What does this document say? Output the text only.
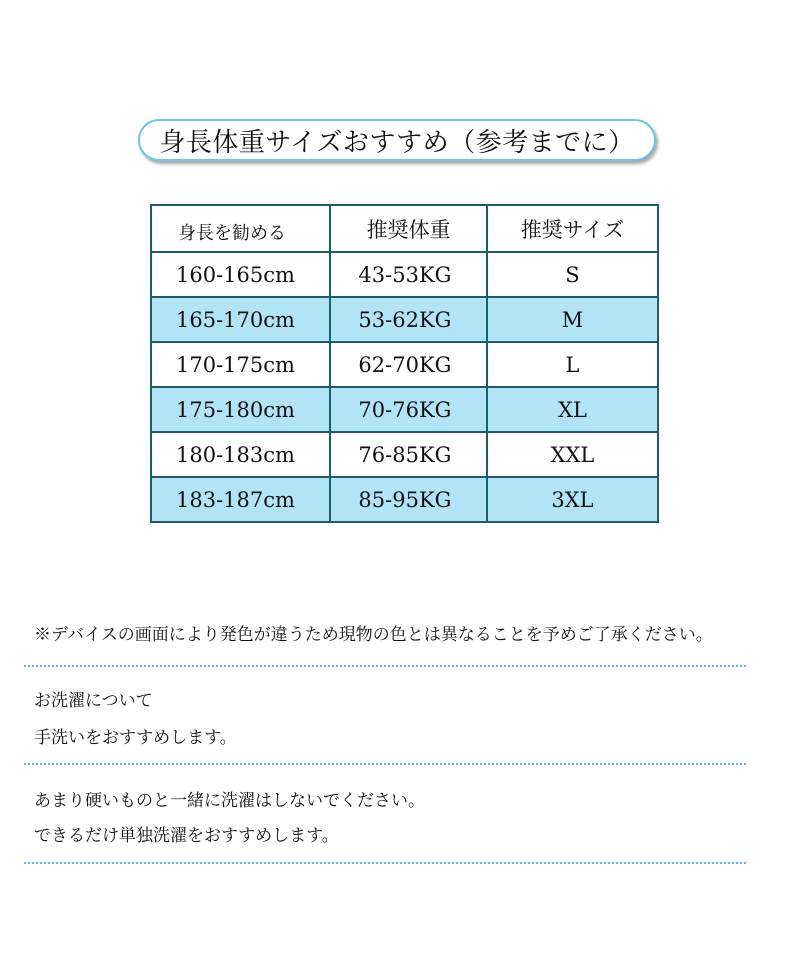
身長体重サイズおすすめ（参考までに）
身長を勧める	推奨体重	推奨サイズ
160-165cm	43-53KG	S
165-170cm	53-62KG	M
170-175cm	62-70KG	L
175-180cm	70-76KG	XL
180-183cm	76-85KG	XXL
183-187cm	85-95KG	3XL
※デバイスの画面により発色が違うため現物の色とは異なることを予めご了承ください。
お洗濯について
手洗いをおすすめします。
あまり硬いものと一緒に洗濯はしないでください。
できるだけ単独洗濯をおすすめします。
